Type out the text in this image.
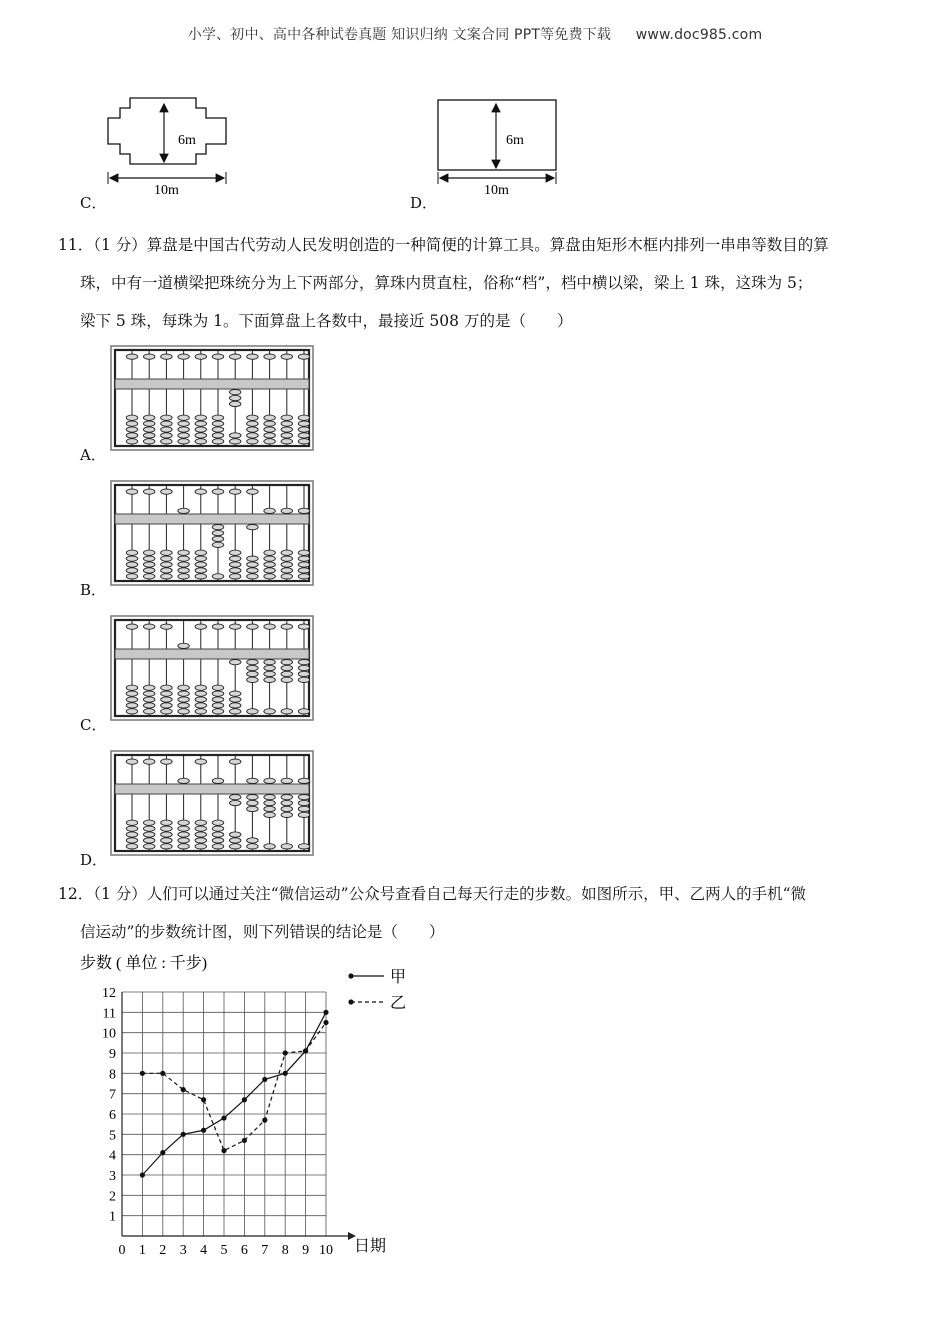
小学、初中、高中各种试卷真题 知识归纳 文案合同 PPT等免费下载 www.doc985.com
6m
10m
C．
6m
10m
D．
11．（1 分）算盘是中国古代劳动人民发明创造的一种简便的计算工具。算盘由矩形木框内排列一串串等数目的算
珠，中有一道横梁把珠统分为上下两部分，算珠内贯直柱，俗称“档”，档中横以梁，梁上 1 珠，这珠为 5；
梁下 5 珠，每珠为 1。下面算盘上各数中，最接近 508 万的是（　　）
A．
B．
C．
D．
12．（1 分）人们可以通过关注“微信运动”公众号查看自己每天行走的步数。如图所示，甲、乙两人的手机“微
信运动”的步数统计图，则下列错误的结论是（　　）
步数 ( 单位 : 千步)
日期
0 1 2 3 4 5 6 7 8 9 10
1
2
3
4
5
6
7
8
9
10
11
12
甲
乙
